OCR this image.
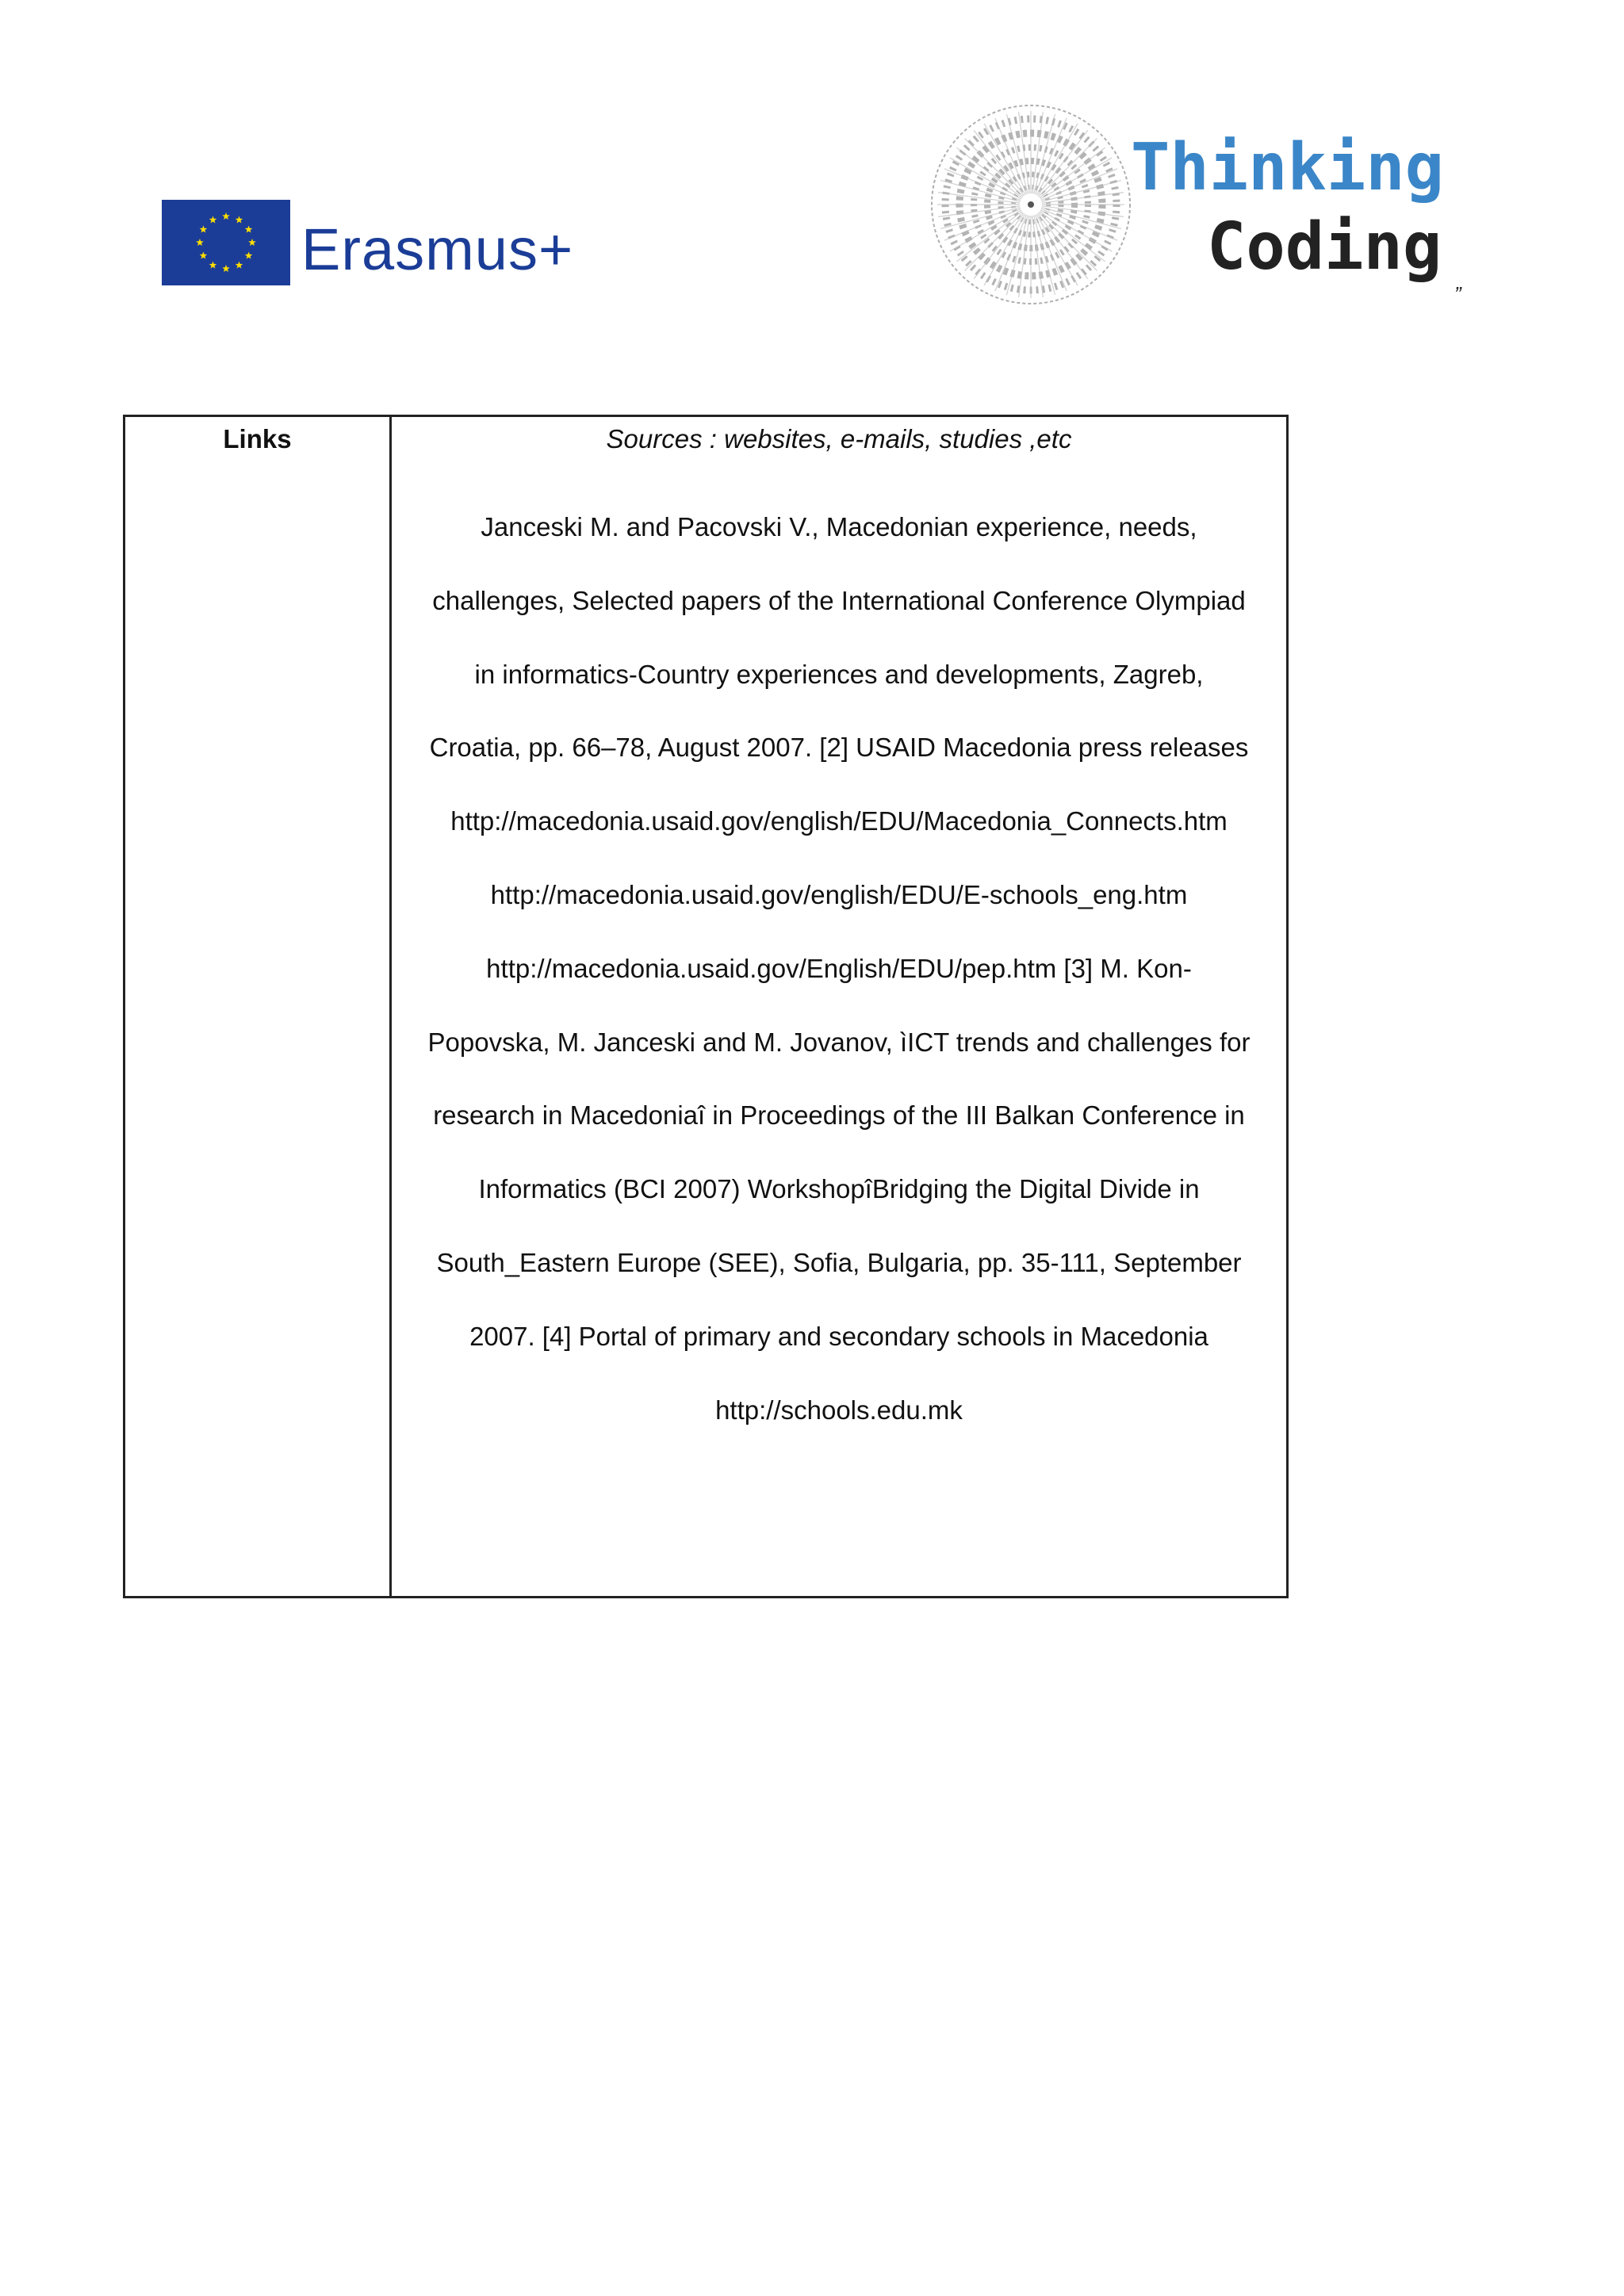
Erasmus+
Thinking
Coding
”
Links	Sources : websites, e-mails, studies ,etc
Janceski M. and Pacovski V., Macedonian experience, needs,
challenges, Selected papers of the International Conference Olympiad
in informatics-Country experiences and developments, Zagreb,
Croatia, pp. 66–78, August 2007. [2] USAID Macedonia press releases
http://macedonia.usaid.gov/english/EDU/Macedonia_Connects.htm
http://macedonia.usaid.gov/english/EDU/E-schools_eng.htm
http://macedonia.usaid.gov/English/EDU/pep.htm [3] M. Kon-
Popovska, M. Janceski and M. Jovanov, ìICT trends and challenges for
research in Macedoniaî in Proceedings of the III Balkan Conference in
Informatics (BCI 2007) WorkshopîBridging the Digital Divide in
South_Eastern Europe (SEE), Sofia, Bulgaria, pp. 35-111, September
2007. [4] Portal of primary and secondary schools in Macedonia
http://schools.edu.mk
